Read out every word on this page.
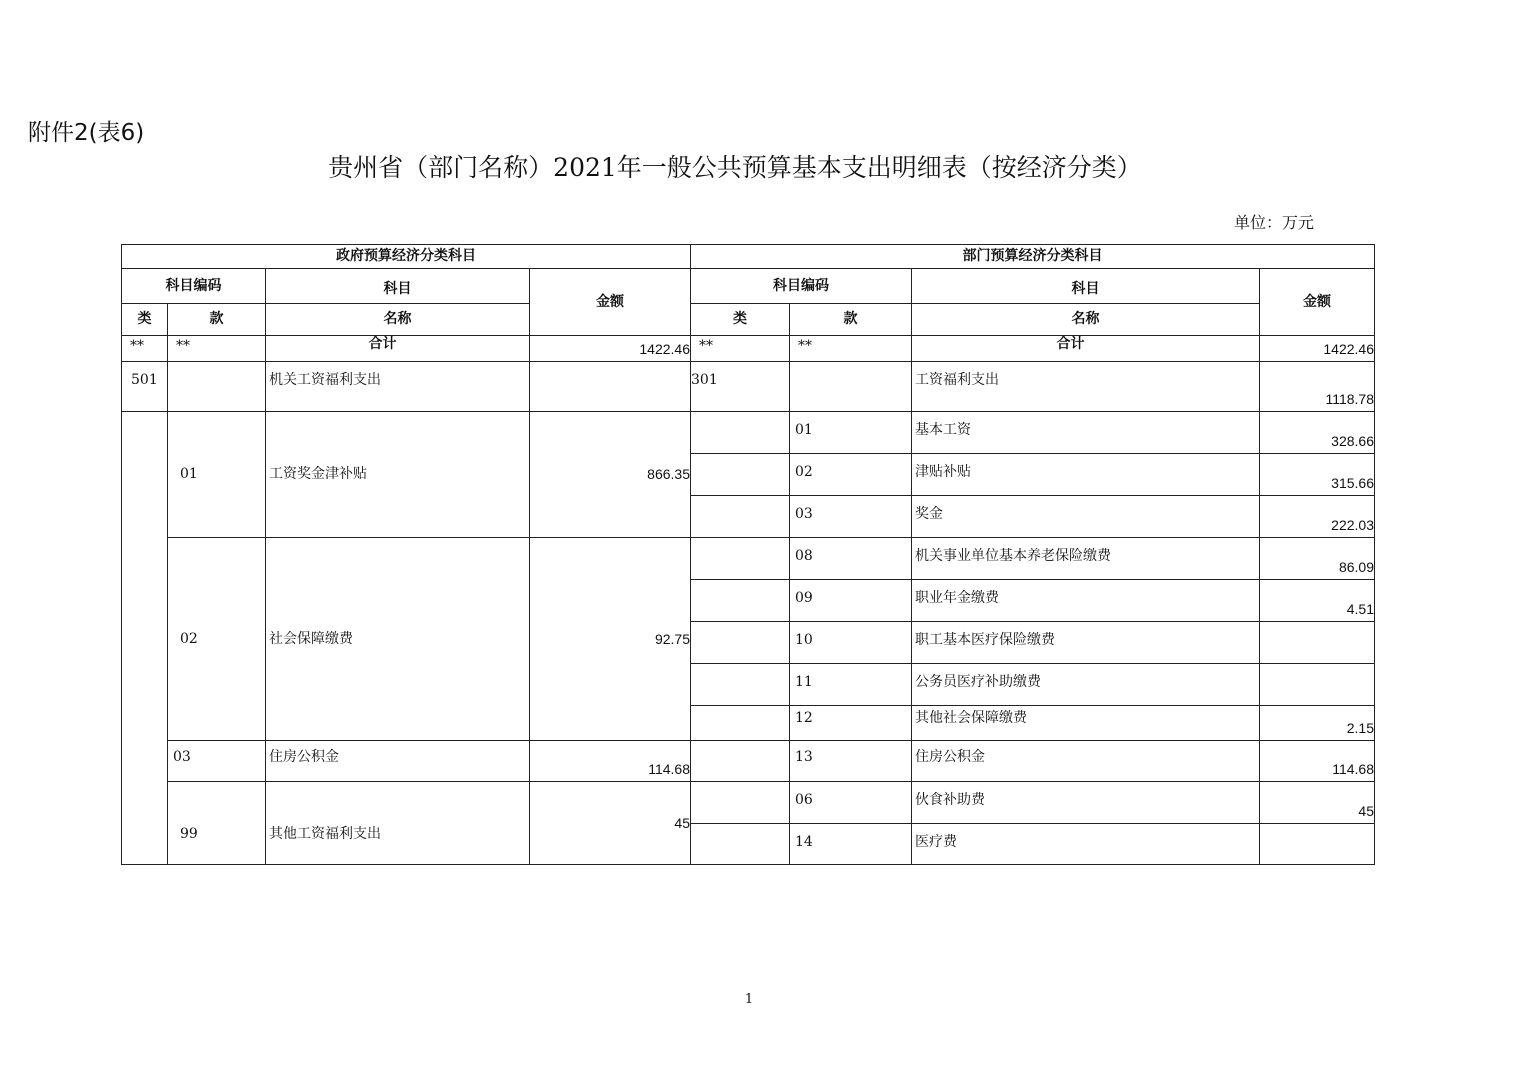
附件2(表6)
贵州省（部门名称）2021年一般公共预算基本支出明细表（按经济分类）
单位：万元
政府预算经济分类科目				部门预算经济分类科目			
科目编码		科目	金额	科目编码		科目	金额
类	款	名称		类	款	名称	
**	**	合计	1422.46	**	**	合计	1422.46
501		机关工资福利支出		301		工资福利支出	1118.78
	01	工资奖金津补贴	866.35		01	基本工资	328.66
					02	津贴补贴	315.66
					03	奖金	222.03
	02	社会保障缴费	92.75		08	机关事业单位基本养老保险缴费	86.09
					09	职业年金缴费	4.51
					10	职工基本医疗保险缴费	
					11	公务员医疗补助缴费	
					12	其他社会保障缴费	2.15
	03	住房公积金	114.68		13	住房公积金	114.68
	99	其他工资福利支出	45		06	伙食补助费	45
					14	医疗费	
1
